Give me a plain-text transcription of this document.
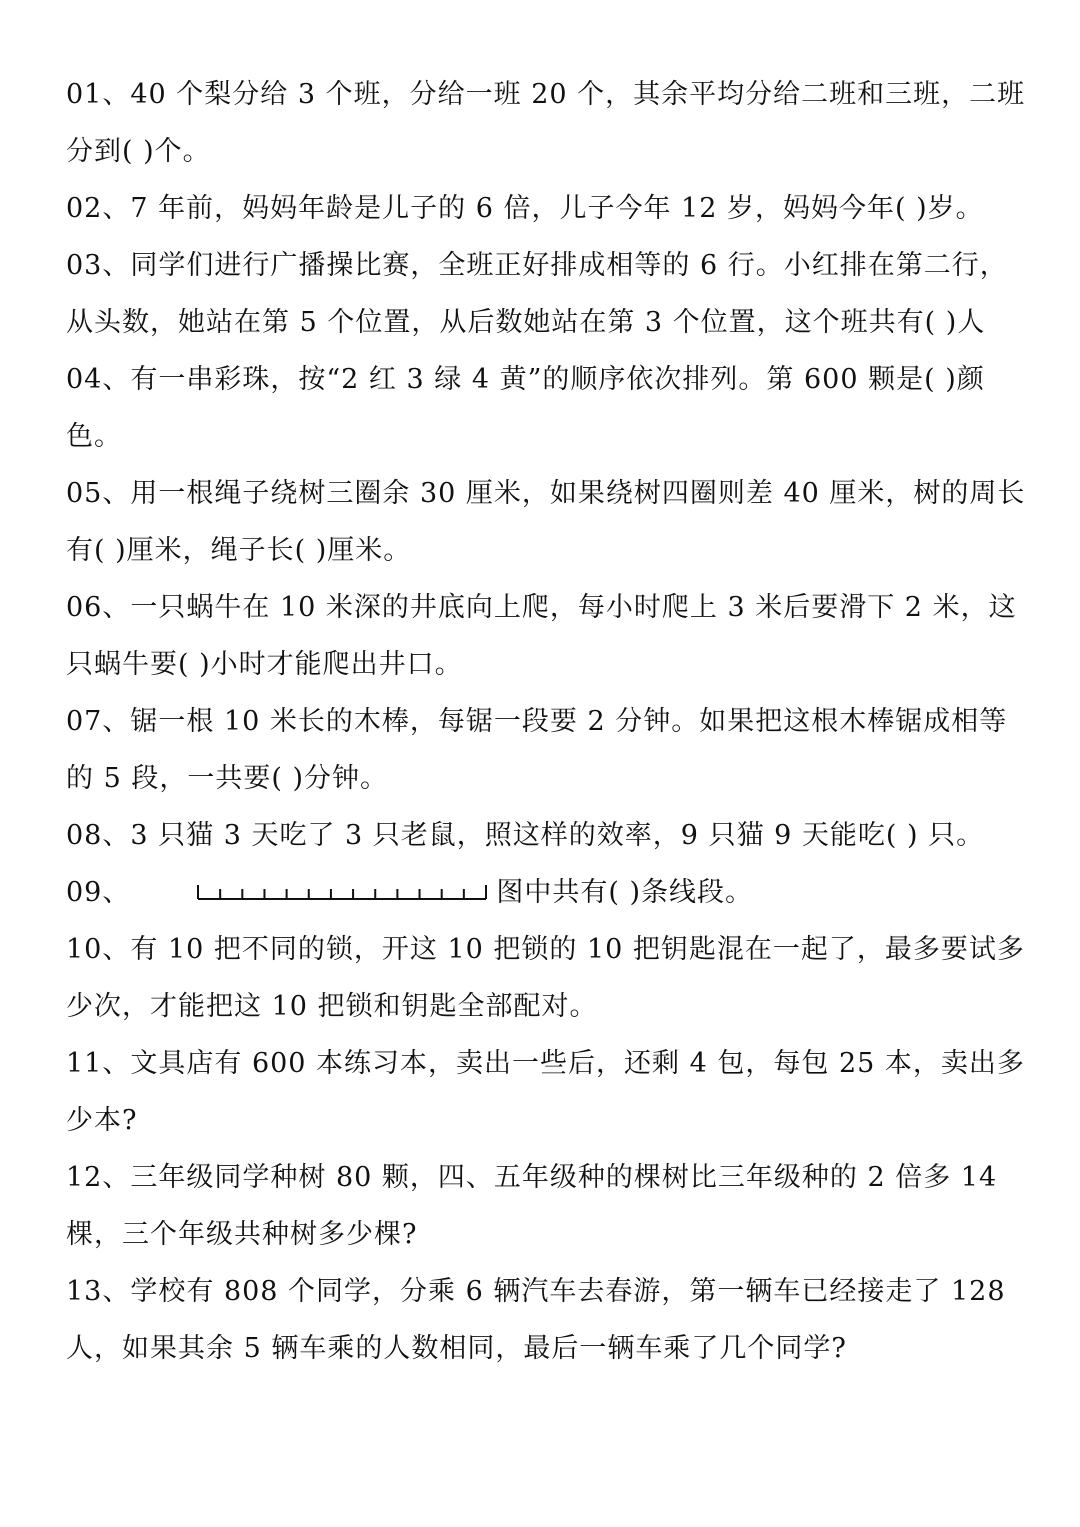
01、40 个梨分给 3 个班，分给一班 20 个，其余平均分给二班和三班，二班分到( )个。
02、7 年前，妈妈年龄是儿子的 6 倍，儿子今年 12 岁，妈妈今年( )岁。
03、同学们进行广播操比赛，全班正好排成相等的 6 行。小红排在第二行，从头数，她站在第 5 个位置，从后数她站在第 3 个位置，这个班共有( )人
04、有一串彩珠，按“2 红 3 绿 4 黄”的顺序依次排列。第 600 颗是( )颜色。
05、用一根绳子绕树三圈余 30 厘米，如果绕树四圈则差 40 厘米，树的周长有( )厘米，绳子长( )厘米。
06、一只蜗牛在 10 米深的井底向上爬，每小时爬上 3 米后要滑下 2 米，这只蜗牛要( )小时才能爬出井口。
07、锯一根 10 米长的木棒，每锯一段要 2 分钟。如果把这根木棒锯成相等的 5 段，一共要( )分钟。
08、3 只猫 3 天吃了 3 只老鼠，照这样的效率，9 只猫 9 天能吃( ) 只。
09、	图中共有( )条线段。
10、有 10 把不同的锁，开这 10 把锁的 10 把钥匙混在一起了，最多要试多少次，才能把这 10 把锁和钥匙全部配对。
11、文具店有 600 本练习本，卖出一些后，还剩 4 包，每包 25 本，卖出多少本?
12、三年级同学种树 80 颗，四、五年级种的棵树比三年级种的 2 倍多 14 棵，三个年级共种树多少棵?
13、学校有 808 个同学，分乘 6 辆汽车去春游，第一辆车已经接走了 128 人，如果其余 5 辆车乘的人数相同，最后一辆车乘了几个同学?
